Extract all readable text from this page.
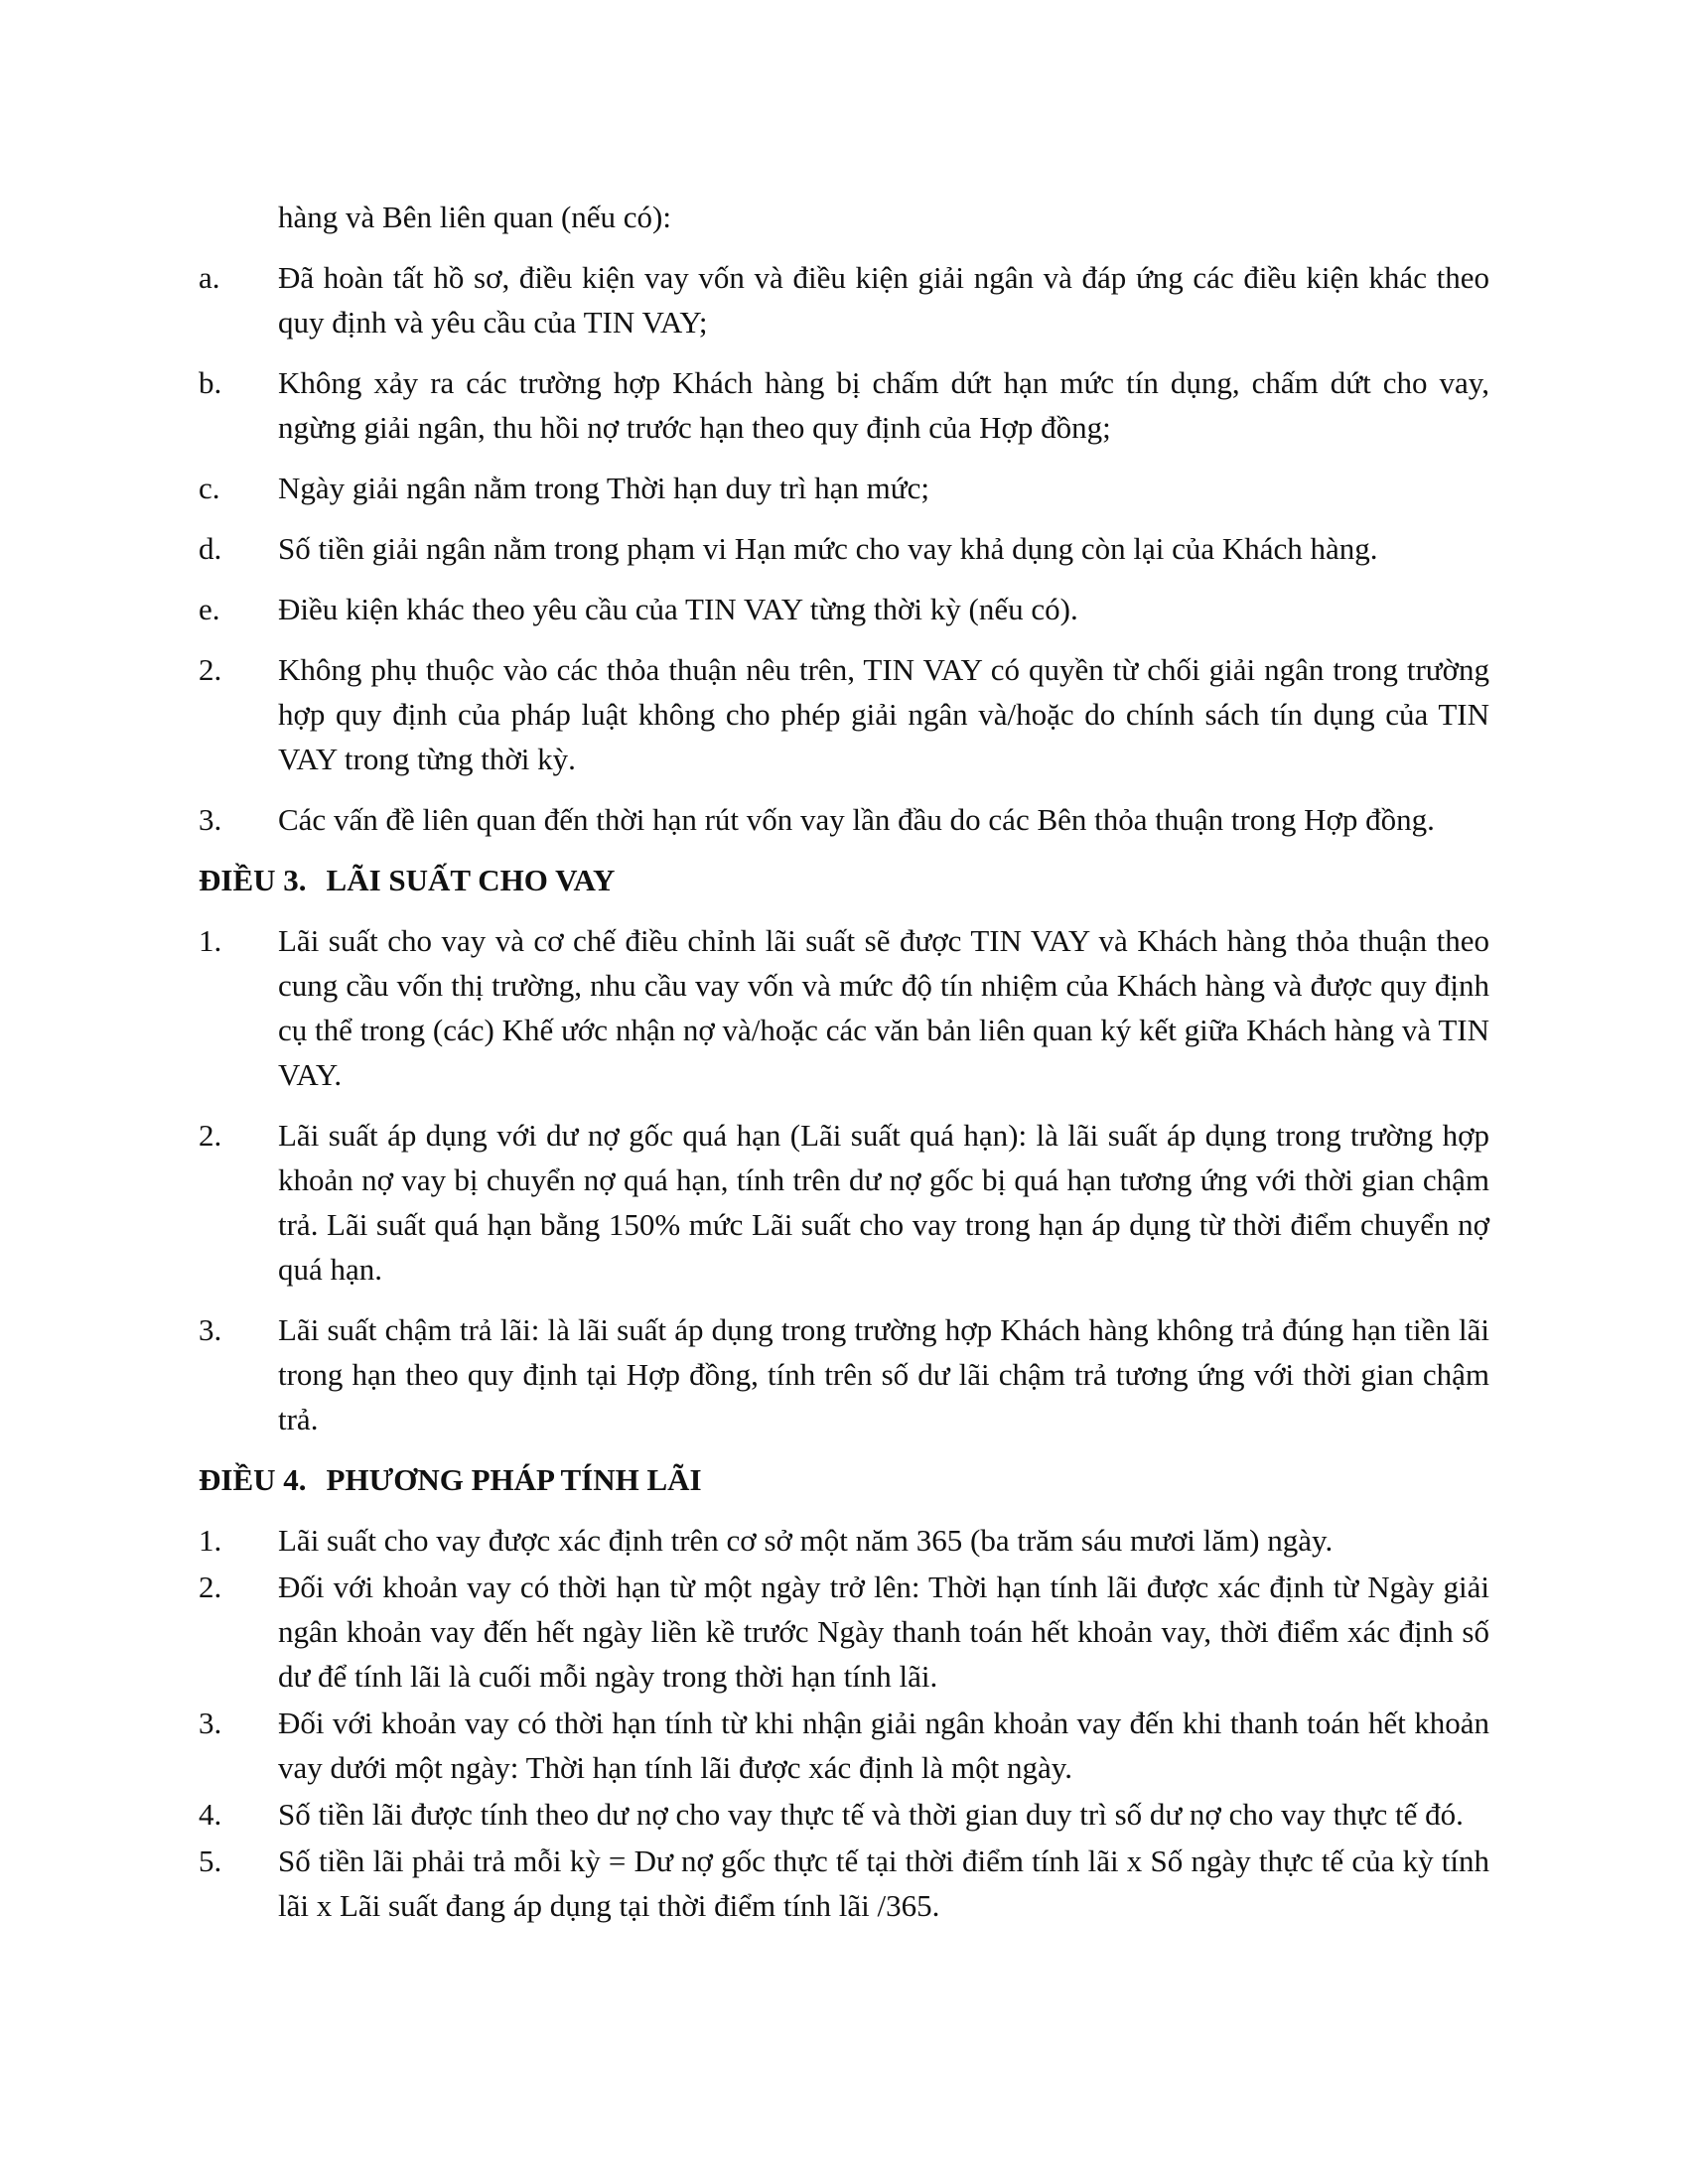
hàng và Bên liên quan (nếu có):
a.	Đã hoàn tất hồ sơ, điều kiện vay vốn và điều kiện giải ngân và đáp ứng các điều kiện khác theo quy định và yêu cầu của TIN VAY;
b.	Không xảy ra các trường hợp Khách hàng bị chấm dứt hạn mức tín dụng, chấm dứt cho vay, ngừng giải ngân, thu hồi nợ trước hạn theo quy định của Hợp đồng;
c.	Ngày giải ngân nằm trong Thời hạn duy trì hạn mức;
d.	Số tiền giải ngân nằm trong phạm vi Hạn mức cho vay khả dụng còn lại của Khách hàng.
e.	Điều kiện khác theo yêu cầu của TIN VAY từng thời kỳ (nếu có).
2.	Không phụ thuộc vào các thỏa thuận nêu trên, TIN VAY có quyền từ chối giải ngân trong trường hợp quy định của pháp luật không cho phép giải ngân và/hoặc do chính sách tín dụng của TIN VAY trong từng thời kỳ.
3.	Các vấn đề liên quan đến thời hạn rút vốn vay lần đầu do các Bên thỏa thuận trong Hợp đồng.
ĐIỀU 3. LÃI SUẤT CHO VAY
1.	Lãi suất cho vay và cơ chế điều chỉnh lãi suất sẽ được TIN VAY và Khách hàng thỏa thuận theo cung cầu vốn thị trường, nhu cầu vay vốn và mức độ tín nhiệm của Khách hàng và được quy định cụ thể trong (các) Khế ước nhận nợ và/hoặc các văn bản liên quan ký kết giữa Khách hàng và TIN VAY.
2.	Lãi suất áp dụng với dư nợ gốc quá hạn (Lãi suất quá hạn): là lãi suất áp dụng trong trường hợp khoản nợ vay bị chuyển nợ quá hạn, tính trên dư nợ gốc bị quá hạn tương ứng với thời gian chậm trả. Lãi suất quá hạn bằng 150% mức Lãi suất cho vay trong hạn áp dụng từ thời điểm chuyển nợ quá hạn.
3.	Lãi suất chậm trả lãi: là lãi suất áp dụng trong trường hợp Khách hàng không trả đúng hạn tiền lãi trong hạn theo quy định tại Hợp đồng, tính trên số dư lãi chậm trả tương ứng với thời gian chậm trả.
ĐIỀU 4. PHƯƠNG PHÁP TÍNH LÃI
1.	Lãi suất cho vay được xác định trên cơ sở một năm 365 (ba trăm sáu mươi lăm) ngày.
2.	Đối với khoản vay có thời hạn từ một ngày trở lên: Thời hạn tính lãi được xác định từ Ngày giải ngân khoản vay đến hết ngày liền kề trước Ngày thanh toán hết khoản vay, thời điểm xác định số dư để tính lãi là cuối mỗi ngày trong thời hạn tính lãi.
3.	Đối với khoản vay có thời hạn tính từ khi nhận giải ngân khoản vay đến khi thanh toán hết khoản vay dưới một ngày: Thời hạn tính lãi được xác định là một ngày.
4.	Số tiền lãi được tính theo dư nợ cho vay thực tế và thời gian duy trì số dư nợ cho vay thực tế đó.
5.	Số tiền lãi phải trả mỗi kỳ = Dư nợ gốc thực tế tại thời điểm tính lãi x Số ngày thực tế của kỳ tính lãi x Lãi suất đang áp dụng tại thời điểm tính lãi /365.
